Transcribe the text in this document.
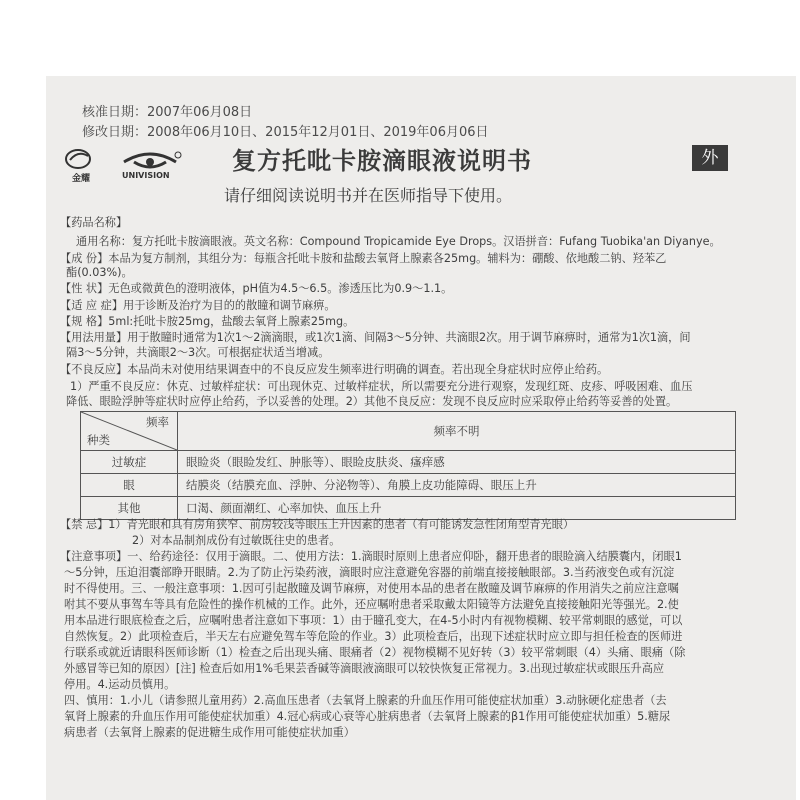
核准日期：2007年06月08日
修改日期：2008年06月10日、2015年12月01日、2019年06月06日
金耀	UNIVISION
复方托吡卡胺滴眼液说明书	外
请仔细阅读说明书并在医师指导下使用。
【药品名称】
通用名称：复方托吡卡胺滴眼液。英文名称：Compound Tropicamide Eye Drops。汉语拼音：Fufang Tuobika'an Diyanye。
【成 份】本品为复方制剂，其组分为：每瓶含托吡卡胺和盐酸去氧肾上腺素各25mg。辅料为：硼酸、依地酸二钠、羟苯乙
酯(0.03%)。
【性 状】无色或微黄色的澄明液体，pH值为4.5～6.5。渗透压比为0.9～1.1。
【适 应 症】用于诊断及治疗为目的的散瞳和调节麻痹。
【规 格】5ml:托吡卡胺25mg，盐酸去氧肾上腺素25mg。
【用法用量】用于散瞳时通常为1次1～2滴滴眼，或1次1滴、间隔3～5分钟、共滴眼2次。用于调节麻痹时，通常为1次1滴，间
隔3～5分钟，共滴眼2～3次。可根据症状适当增减。
【不良反应】本品尚未对使用结果调查中的不良反应发生频率进行明确的调查。若出现全身症状时应停止给药。
1）严重不良反应：休克、过敏样症状：可出现休克、过敏样症状，所以需要充分进行观察，发现红斑、皮疹、呼吸困难、血压
降低、眼睑浮肿等症状时应停止给药，予以妥善的处理。2）其他不良反应：发现不良反应时应采取停止给药等妥善的处置。
频率
种类	频率不明
过敏症	眼睑炎（眼睑发红、肿胀等）、眼睑皮肤炎、瘙痒感
眼	结膜炎（结膜充血、浮肿、分泌物等）、角膜上皮功能障碍、眼压上升
其他	口渴、颜面潮红、心率加快、血压上升
【禁 忌】1）青光眼和具有房角狭窄、前房较浅等眼压上升因素的患者（有可能诱发急性闭角型青光眼）
2）对本品制剂成份有过敏既往史的患者。
【注意事项】一、给药途径：仅用于滴眼。二、使用方法：1.滴眼时原则上患者应仰卧，翻开患者的眼睑滴入结膜囊内，闭眼1
～5分钟，压迫泪囊部睁开眼睛。2.为了防止污染药液，滴眼时应注意避免容器的前端直接接触眼部。3.当药液变色或有沉淀
时不得使用。三、一般注意事项：1.因可引起散瞳及调节麻痹，对使用本品的患者在散瞳及调节麻痹的作用消失之前应注意嘱
咐其不要从事驾车等具有危险性的操作机械的工作。此外，还应嘱咐患者采取戴太阳镜等方法避免直接接触阳光等强光。2.使
用本品进行眼底检查之后，应嘱咐患者注意如下事项：1）由于瞳孔变大，在4-5小时内有视物模糊、较平常刺眼的感觉，可以
自然恢复。2）此项检查后，半天左右应避免驾车等危险的作业。3）此项检查后，出现下述症状时应立即与担任检查的医师进
行联系或就近请眼科医师诊断（1）检查之后出现头痛、眼痛者（2）视物模糊不见好转（3）较平常刺眼（4）头痛、眼痛（除
外感冒等已知的原因）[注] 检查后如用1%毛果芸香碱等滴眼液滴眼可以较快恢复正常视力。3.出现过敏症状或眼压升高应
停用。4.运动员慎用。
四、慎用：1.小儿（请参照儿童用药）2.高血压患者（去氧肾上腺素的升血压作用可能使症状加重）3.动脉硬化症患者（去
氧肾上腺素的升血压作用可能使症状加重）4.冠心病或心衰等心脏病患者（去氧肾上腺素的β1作用可能使症状加重）5.糖尿
病患者（去氧肾上腺素的促进糖生成作用可能使症状加重）
